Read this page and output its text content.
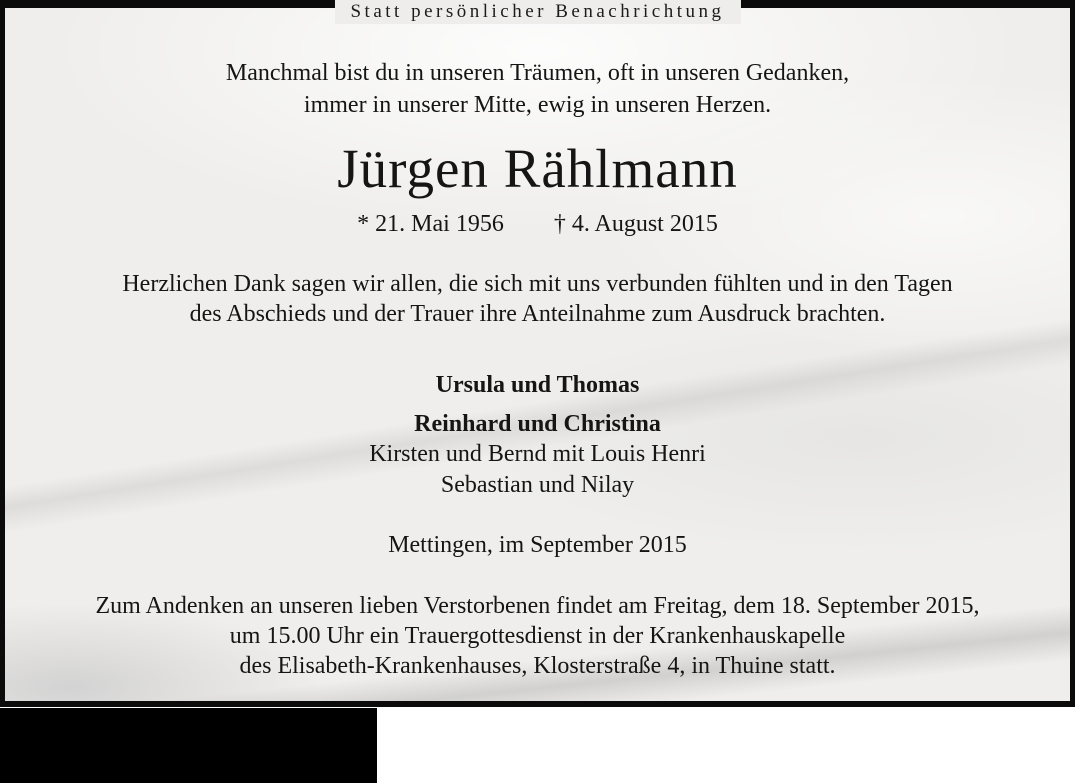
Statt persönlicher Benachrichtung
Manchmal bist du in unseren Träumen, oft in unseren Gedanken,
immer in unserer Mitte, ewig in unseren Herzen.
Jürgen Rählmann
* 21. Mai 1956 † 4. August 2015
Herzlichen Dank sagen wir allen, die sich mit uns verbunden fühlten und in den Tagen
des Abschieds und der Trauer ihre Anteilnahme zum Ausdruck brachten.
Ursula und Thomas
Reinhard und Christina
Kirsten und Bernd mit Louis Henri
Sebastian und Nilay
Mettingen, im September 2015
Zum Andenken an unseren lieben Verstorbenen findet am Freitag, dem 18. September 2015,
um 15.00 Uhr ein Trauergottesdienst in der Krankenhauskapelle
des Elisabeth-Krankenhauses, Klosterstraße 4, in Thuine statt.
